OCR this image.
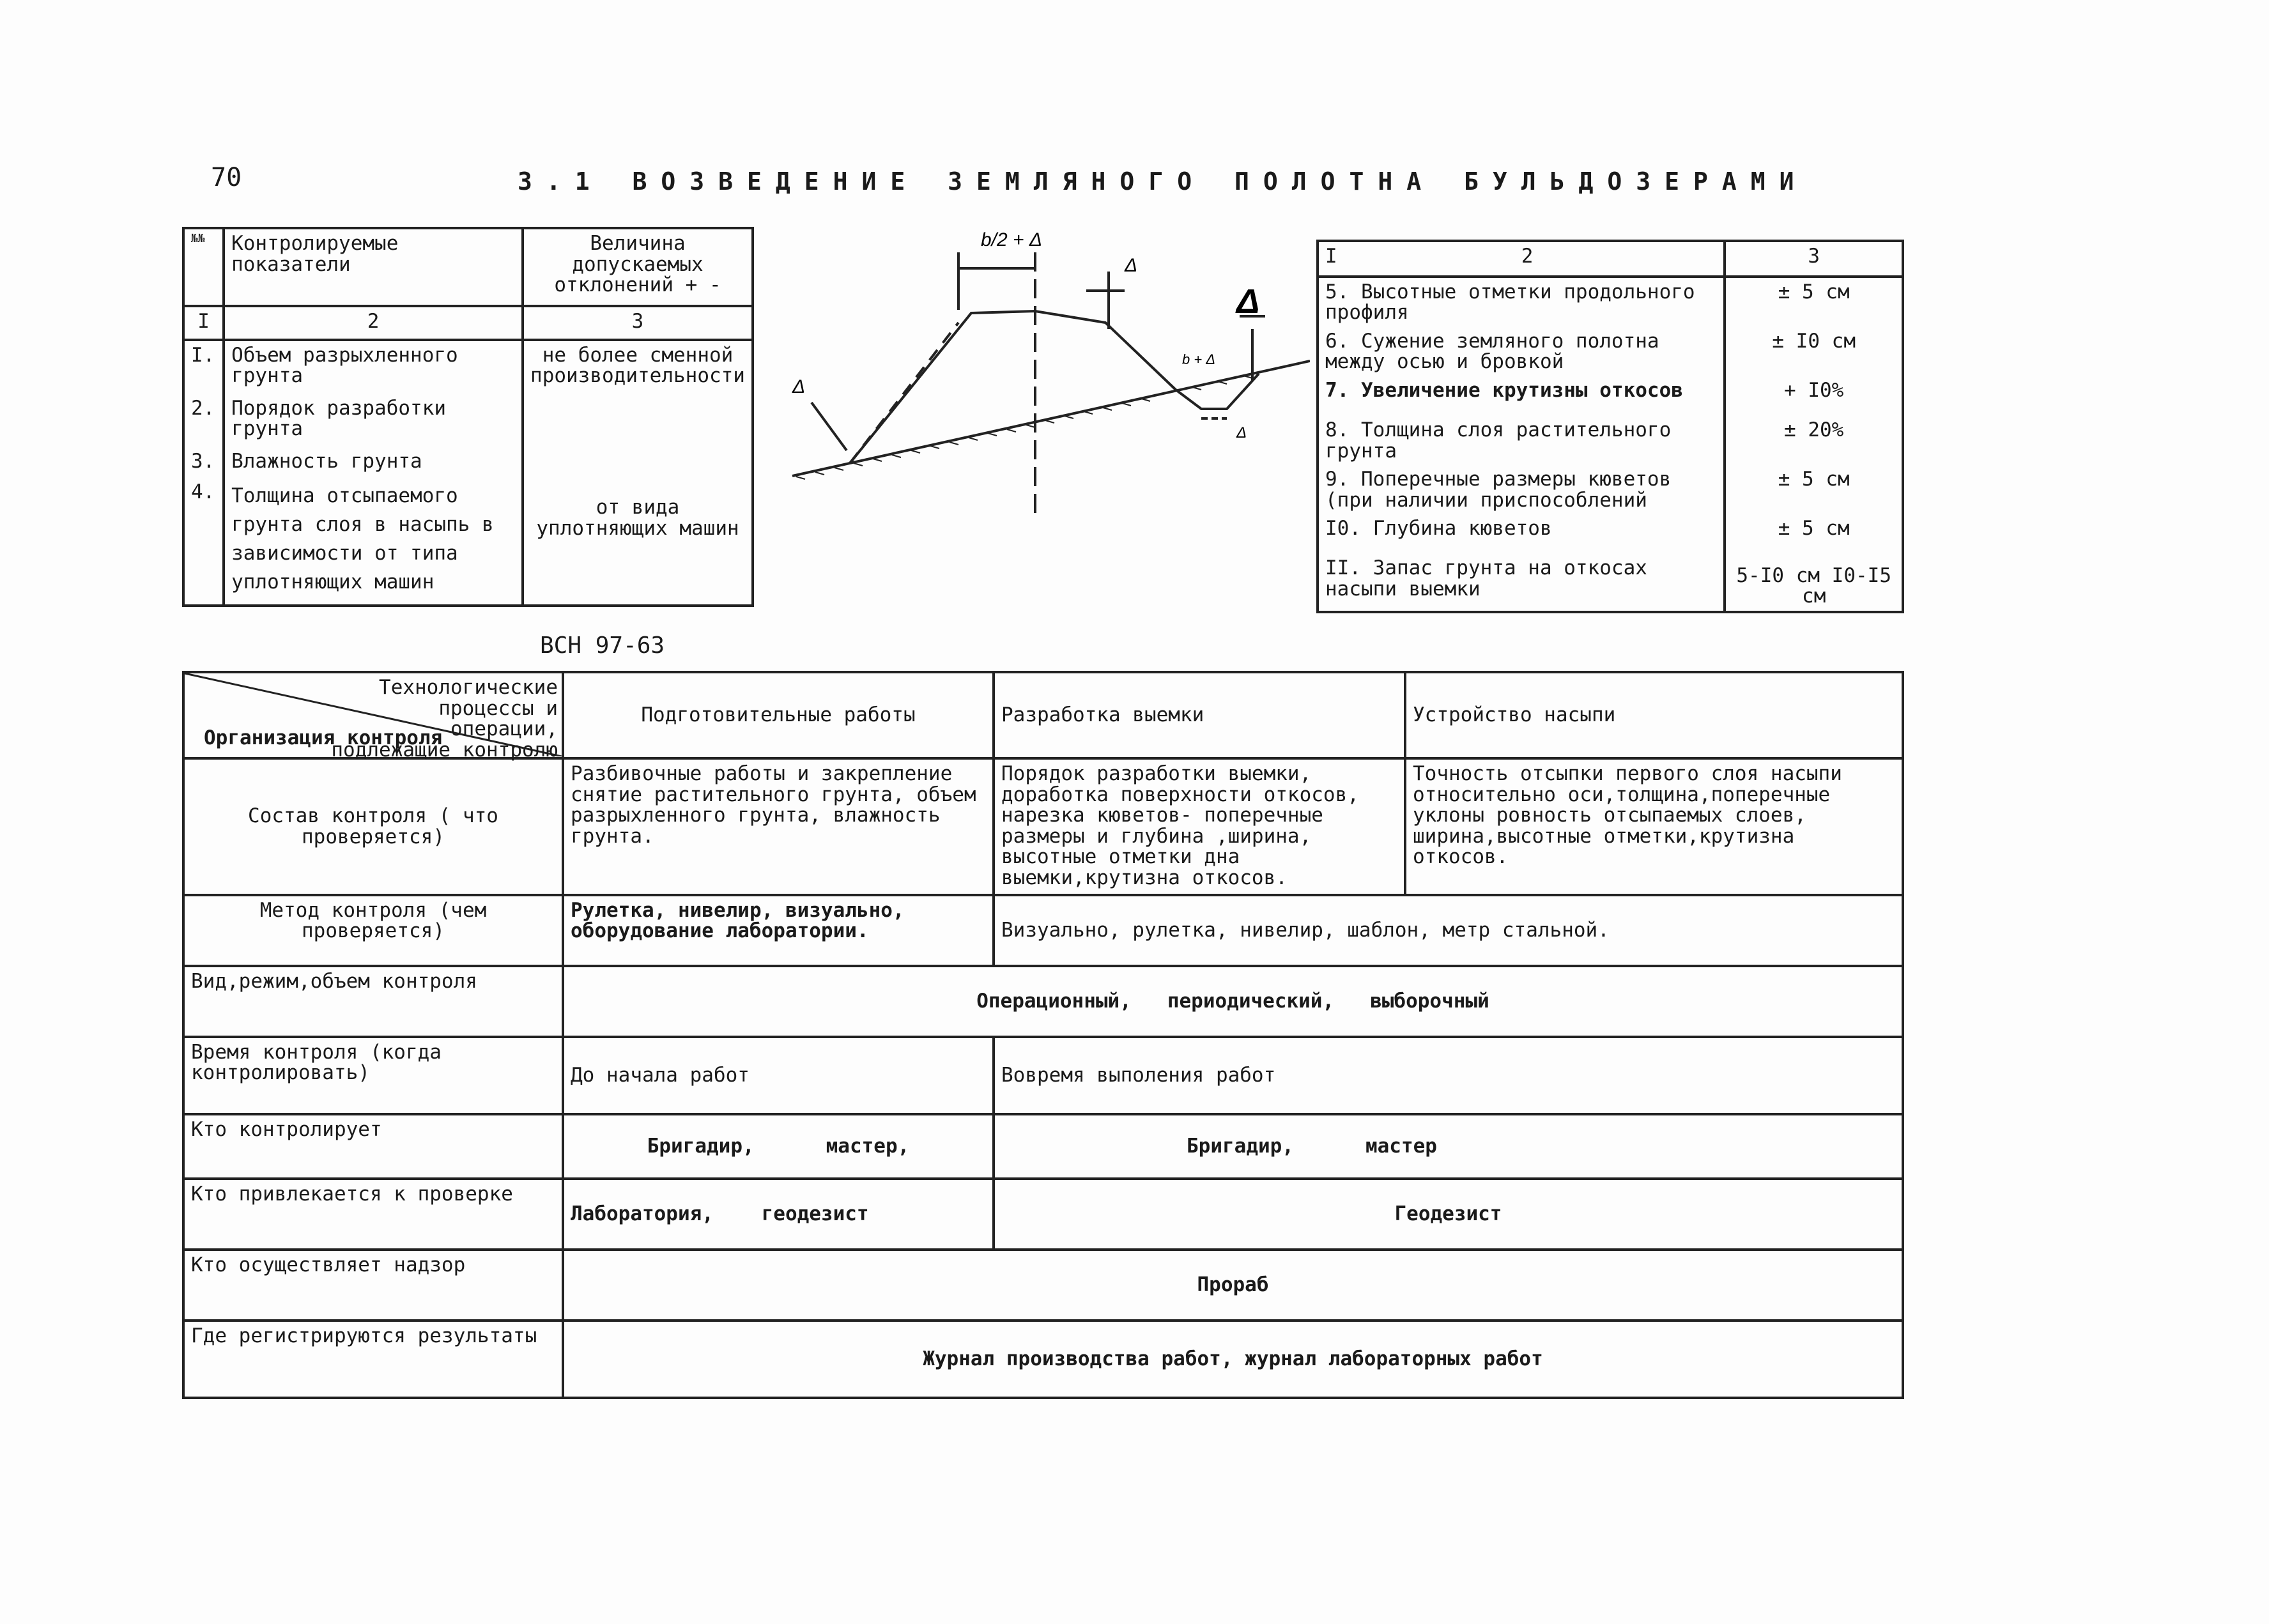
70	3.1 ВОЗВЕДЕНИЕ ЗЕМЛЯНОГО ПОЛОТНА БУЛЬДОЗЕРАМИ
№№	Контролируемые показатели	Величина допускаемых отклонений + -
I	2	3
I.	Объем разрыхленного грунта	не более сменной производительности
2.	Порядок разработки грунта	
3.	Влажность грунта	
4.	Толщина отсыпаемого грунта слоя в насыпь в зависимости от типа уплотняющих машин	от вида уплотняющих машин
b/2 + Δ
Δ
Δ
Δ
b + Δ
Δ
I 2	3
5. Высотные отметки продольного профиля	± 5 см
6. Сужение земляного полотна между осью и бровкой	± I0 см
7. Увеличение крутизны откосов	+ I0%
8. Толщина слоя растительного грунта	± 20%
9. Поперечные размеры кюветов (при наличии приспособлений	± 5 см
I0. Глубина кюветов	± 5 см
II. Запас грунта на откосах насыпи выемки	5-I0 см I0-I5 см
ВСН 97-63
Технологические процессы и операции, подлежащие контролю
Организация контроля	Подготовительные работы	Разработка выемки	Устройство насыпи
Состав контроля ( что проверяется)	Разбивочные работы и закрепление снятие растительного грунта, объем разрыхленного грунта, влажность грунта.	Порядок разработки выемки, доработка поверхности откосов, нарезка кюветов- поперечные размеры и глубина ,ширина, высотные отметки дна выемки,крутизна откосов.	Точность отсыпки первого слоя насыпи относительно оси,толщина,поперечные уклоны ровность отсыпаемых слоев, ширина,высотные отметки,крутизна откосов.
Метод контроля (чем проверяется)	Рулетка, нивелир, визуально, оборудование лаборатории.	Визуально, рулетка, нивелир, шаблон, метр стальной.	
Вид,режим,объем контроля	Операционный,   периодический,   выборочный		
Время контроля (когда контролировать)	До начала работ	Вовремя выполения работ	
Кто контролирует	Бригадир,      мастер,	Бригадир,      мастер	
Кто привлекается к проверке	Лаборатория,    геодезист	Геодезист	
Кто осуществляет надзор	Прораб		
Где регистрируются результаты	Журнал производства работ, журнал лабораторных работ		
